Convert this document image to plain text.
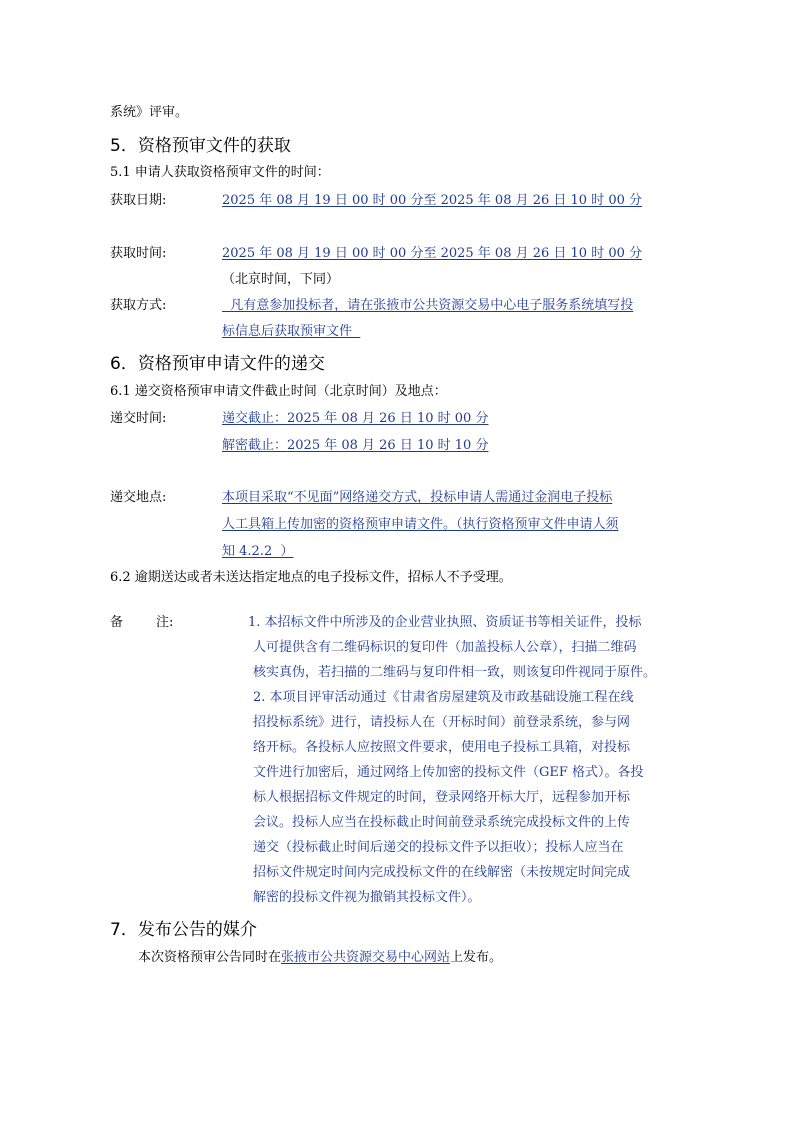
系统》评审。
5．资格预审文件的获取
5.1 申请人获取资格预审文件的时间：
获取日期:	2025 年 08 月 19 日 00 时 00 分至 2025 年 08 月 26 日 10 时 00 分
获取时间:	2025 年 08 月 19 日 00 时 00 分至 2025 年 08 月 26 日 10 时 00 分
（北京时间，下同）
获取方式:	凡有意参加投标者，请在张掖市公共资源交易中心电子服务系统填写投
标信息后获取预审文件
6．资格预审申请文件的递交
6.1 递交资格预审申请文件截止时间（北京时间）及地点：
递交时间:	递交截止：2025 年 08 月 26 日 10 时 00 分
解密截止：2025 年 08 月 26 日 10 时 10 分
递交地点:	本项目采取“不见面”网络递交方式，投标申请人需通过金润电子投标
人工具箱上传加密的资格预审申请文件。（执行资格预审文件申请人须
知 4.2.2  ）
6.2 逾期送达或者未送达指定地点的电子投标文件，招标人不予受理。
备        注:	1. 本招标文件中所涉及的企业营业执照、资质证书等相关证件，投标
人可提供含有二维码标识的复印件（加盖投标人公章），扫描二维码
核实真伪，若扫描的二维码与复印件相一致，则该复印件视同于原件。
2. 本项目评审活动通过《甘肃省房屋建筑及市政基础设施工程在线
招投标系统》进行，请投标人在（开标时间）前登录系统，参与网
络开标。各投标人应按照文件要求，使用电子投标工具箱，对投标
文件进行加密后，通过网络上传加密的投标文件（GEF 格式）。各投
标人根据招标文件规定的时间，登录网络开标大厅，远程参加开标
会议。投标人应当在投标截止时间前登录系统完成投标文件的上传
递交（投标截止时间后递交的投标文件予以拒收）；投标人应当在
招标文件规定时间内完成投标文件的在线解密（未按规定时间完成
解密的投标文件视为撤销其投标文件）。
7．发布公告的媒介
本次资格预审公告同时在张掖市公共资源交易中心网站上发布。
